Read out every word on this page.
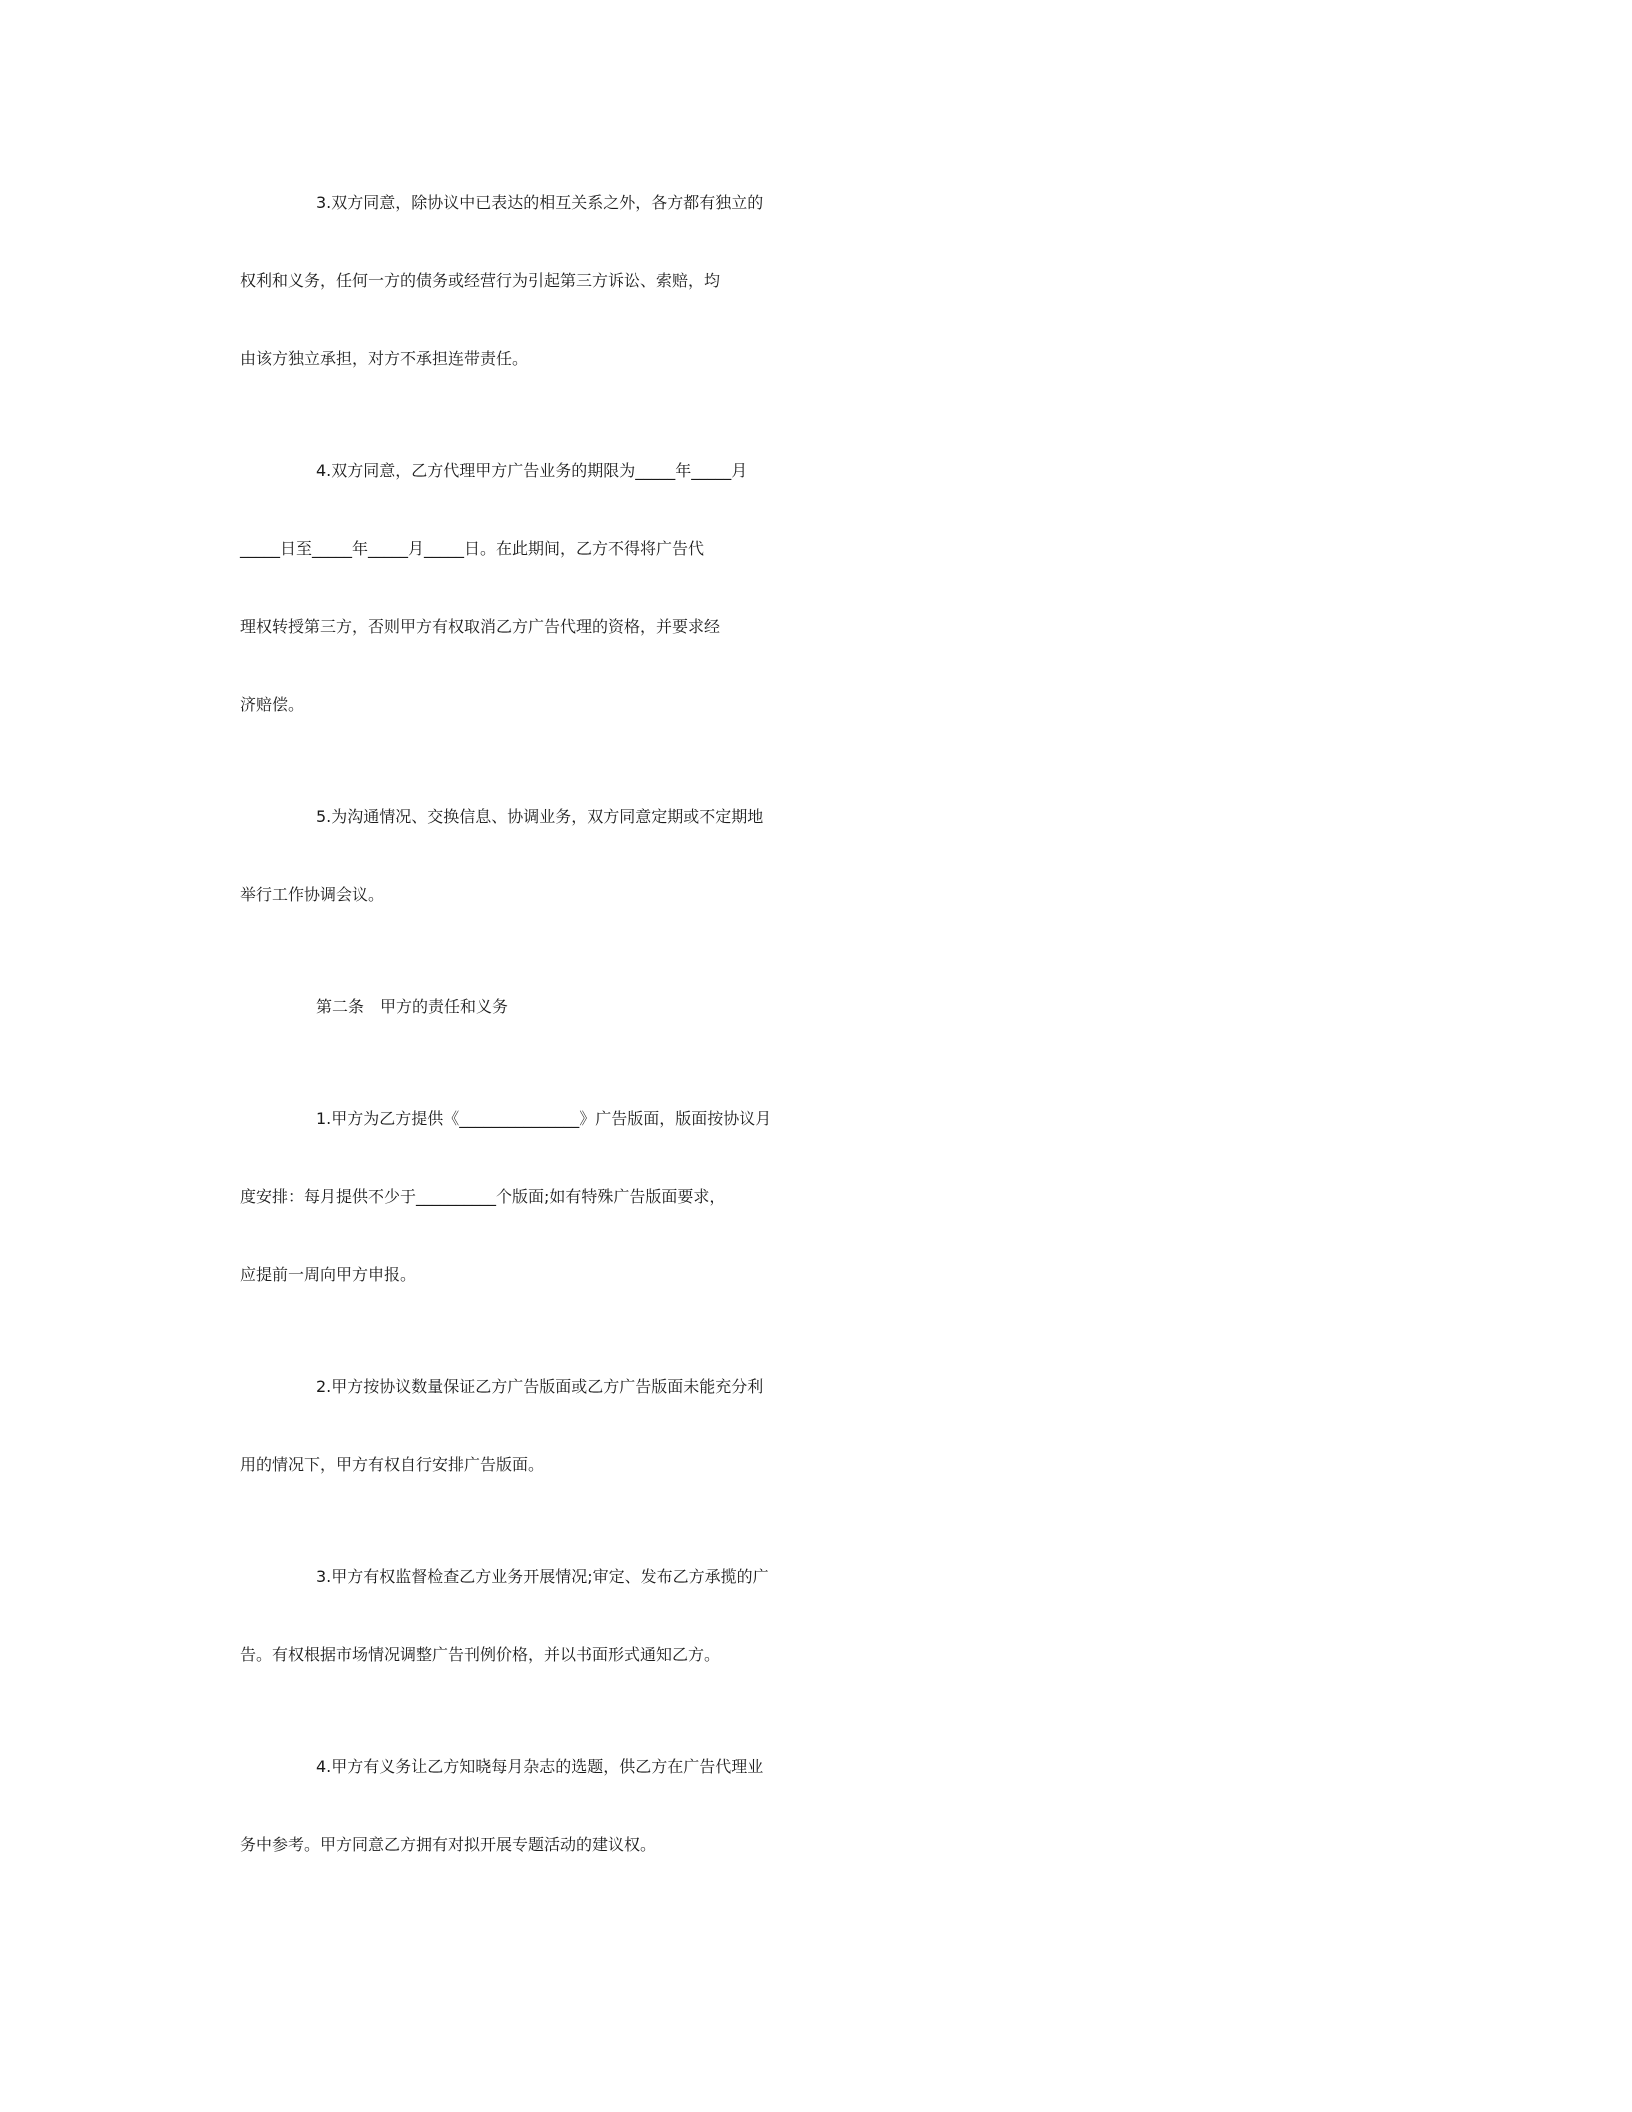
3.双方同意，除协议中已表达的相互关系之外，各方都有独立的
权利和义务，任何一方的债务或经营行为引起第三方诉讼、索赔，均
由该方独立承担，对方不承担连带责任。
4.双方同意，乙方代理甲方广告业务的期限为_____年_____月
_____日至_____年_____月_____日。在此期间，乙方不得将广告代
理权转授第三方，否则甲方有权取消乙方广告代理的资格，并要求经
济赔偿。
5.为沟通情况、交换信息、协调业务，双方同意定期或不定期地
举行工作协调会议。
第二条　甲方的责任和义务
1.甲方为乙方提供《_______________》广告版面，版面按协议月
度安排：每月提供不少于__________个版面;如有特殊广告版面要求，
应提前一周向甲方申报。
2.甲方按协议数量保证乙方广告版面或乙方广告版面未能充分利
用的情况下，甲方有权自行安排广告版面。
3.甲方有权监督检查乙方业务开展情况;审定、发布乙方承揽的广
告。有权根据市场情况调整广告刊例价格，并以书面形式通知乙方。
4.甲方有义务让乙方知晓每月杂志的选题，供乙方在广告代理业
务中参考。甲方同意乙方拥有对拟开展专题活动的建议权。
